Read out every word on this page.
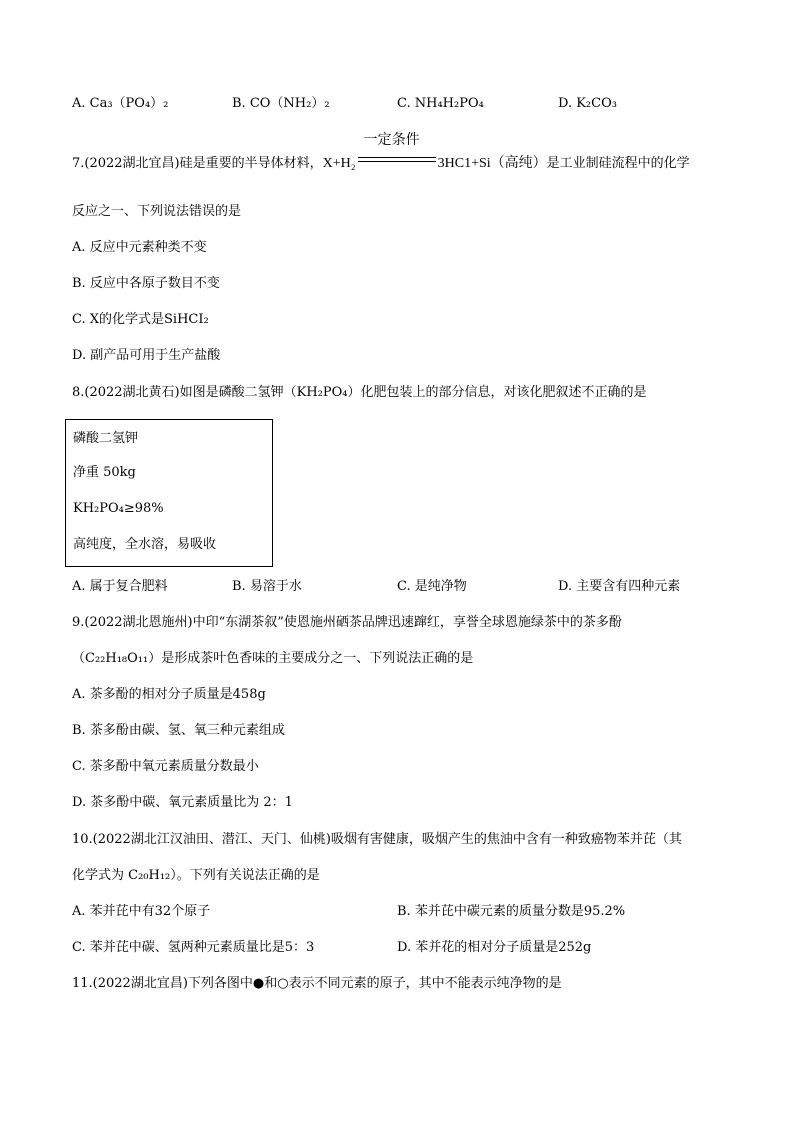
A. Ca₃（PO₄）₂	B. CO（NH₂）₂	C. NH₄H₂PO₄	D. K₂CO₃
7.(2022湖北宜昌)硅是重要的半导体材料，X+H₂
一定条件
3HC1+Si（高纯）是工业制硅流程中的化学
反应之一、下列说法错误的是
A. 反应中元素种类不变
B. 反应中各原子数目不变
C. X的化学式是SiHCI₂
D. 副产品可用于生产盐酸
8.(2022湖北黄石)如图是磷酸二氢钾（KH₂PO₄）化肥包装上的部分信息，对该化肥叙述不正确的是
磷酸二氢钾
净重 50kg
KH₂PO₄≥98%
高纯度，全水溶，易吸收
A. 属于复合肥料	B. 易溶于水	C. 是纯净物	D. 主要含有四种元素
9.(2022湖北恩施州)中印“东湖茶叙”使恩施州硒茶品牌迅速蹿红，享誉全球恩施绿茶中的茶多酚
（C₂₂H₁₈O₁₁）是形成茶叶色香味的主要成分之一、下列说法正确的是
A. 茶多酚的相对分子质量是458g
B. 茶多酚由碳、氢、氧三种元素组成
C. 茶多酚中氧元素质量分数最小
D. 茶多酚中碳、氧元素质量比为 2：1
10.(2022湖北江汉油田、潜江、天门、仙桃)吸烟有害健康，吸烟产生的焦油中含有一种致癌物苯并芘（其
化学式为 C₂₀H₁₂）。下列有关说法正确的是
A. 苯并芘中有32个原子	B. 苯并芘中碳元素的质量分数是95.2%
C. 苯并芘中碳、氢两种元素质量比是5：3	D. 苯并花的相对分子质量是252g
11.(2022湖北宜昌)下列各图中●和○表示不同元素的原子，其中不能表示纯净物的是
